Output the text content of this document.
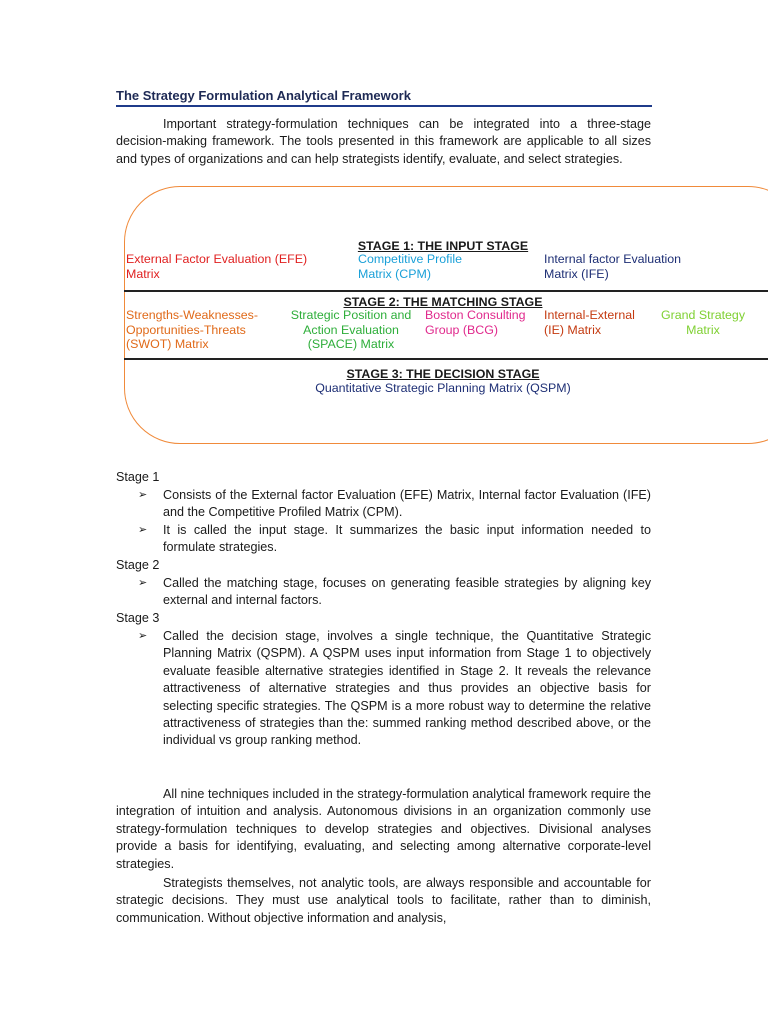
The Strategy Formulation Analytical Framework
Important strategy-formulation techniques can be integrated into a three-stage decision-making framework. The tools presented in this framework are applicable to all sizes and types of organizations and can help strategists identify, evaluate, and select strategies.
STAGE 1: THE INPUT STAGE
External Factor Evaluation (EFE) Matrix
Competitive Profile Matrix (CPM)
Internal factor Evaluation Matrix (IFE)
STAGE 2: THE MATCHING STAGE
Strengths-Weaknesses-Opportunities-Threats (SWOT) Matrix
Strategic Position and Action Evaluation (SPACE) Matrix
Boston Consulting Group (BCG)
Internal-External (IE) Matrix
Grand Strategy Matrix
STAGE 3: THE DECISION STAGE
Quantitative Strategic Planning Matrix (QSPM)
Stage 1
➢ Consists of the External factor Evaluation (EFE) Matrix, Internal factor Evaluation (IFE) and the Competitive Profiled Matrix (CPM).
➢ It is called the input stage. It summarizes the basic input information needed to formulate strategies.
Stage 2
➢ Called the matching stage, focuses on generating feasible strategies by aligning key external and internal factors.
Stage 3
➢ Called the decision stage, involves a single technique, the Quantitative Strategic Planning Matrix (QSPM). A QSPM uses input information from Stage 1 to objectively evaluate feasible alternative strategies identified in Stage 2. It reveals the relevance attractiveness of alternative strategies and thus provides an objective basis for selecting specific strategies. The QSPM is a more robust way to determine the relative attractiveness of strategies than the: summed ranking method described above, or the individual vs group ranking method.
All nine techniques included in the strategy-formulation analytical framework require the integration of intuition and analysis. Autonomous divisions in an organization commonly use strategy-formulation techniques to develop strategies and objectives. Divisional analyses provide a basis for identifying, evaluating, and selecting among alternative corporate-level strategies.
Strategists themselves, not analytic tools, are always responsible and accountable for strategic decisions. They must use analytical tools to facilitate, rather than to diminish, communication. Without objective information and analysis,
